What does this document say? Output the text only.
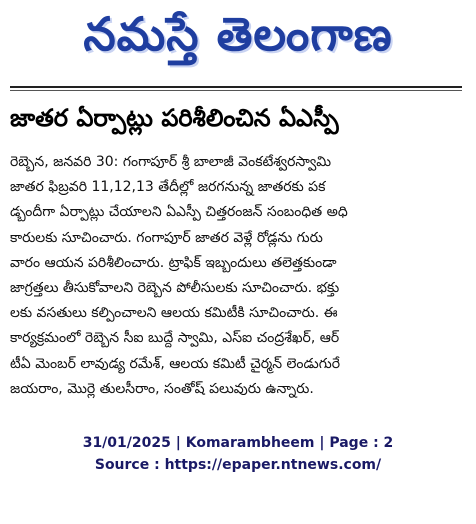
నమస్తే తెలంగాణ
జాతర ఏర్పాట్లు పరిశీలించిన ఏఎస్పీ
రెబ్బెన, జనవరి 30: గంగాపూర్ శ్రీ బాలాజీ వెంకటేశ్వరస్వామి
జాతర ఫిబ్రవరి 11,12,13 తేదీల్లో జరగనున్న జాతరకు పక
డ్బందీగా ఏర్పాట్లు చేయాలని ఏఎస్పీ చిత్తరంజన్ సంబంధిత అధి
కారులకు సూచించారు. గంగాపూర్ జాతర వెళ్లే రోడ్లను గురు
వారం ఆయన పరిశీలించారు. ట్రాఫిక్ ఇబ్బందులు తలెత్తకుండా
జాగ్రత్తలు తీసుకోవాలని రెబ్బెన పోలీసులకు సూచించారు. భక్తు
లకు వసతులు కల్పించాలని ఆలయ కమిటీకి సూచించారు. ఈ
కార్యక్రమంలో రెబ్బెన సీఐ బుద్దే స్వామి, ఎస్ఐ చంద్రశేఖర్, ఆర్
టీఏ మెంబర్ లావుడ్య రమేశ్, ఆలయ కమిటీ చైర్మన్ లెండుగురే
జయరాం, మొర్లె తులసీరాం, సంతోష్ పలువురు ఉన్నారు.
31/01/2025 | Komarambheem | Page : 2
Source : https://epaper.ntnews.com/
